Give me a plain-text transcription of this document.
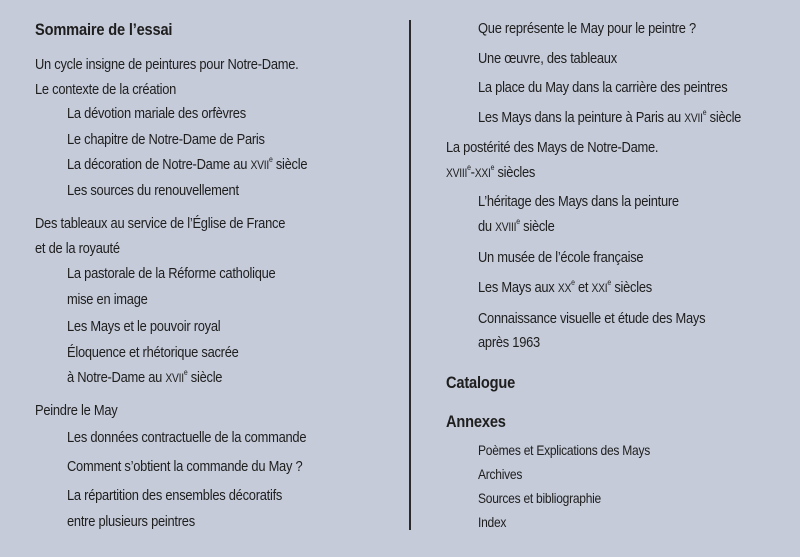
Sommaire de l’essai
Un cycle insigne de peintures pour Notre-Dame.
Le contexte de la création
La dévotion mariale des orfèvres
Le chapitre de Notre-Dame de Paris
La décoration de Notre-Dame au XVIIe siècle
Les sources du renouvellement
Des tableaux au service de l’Église de France
et de la royauté
La pastorale de la Réforme catholique
mise en image
Les Mays et le pouvoir royal
Éloquence et rhétorique sacrée
à Notre-Dame au XVIIe siècle
Peindre le May
Les données contractuelle de la commande
Comment s’obtient la commande du May ?
La répartition des ensembles décoratifs
entre plusieurs peintres
Que représente le May pour le peintre ?
Une œuvre, des tableaux
La place du May dans la carrière des peintres
Les Mays dans la peinture à Paris au XVIIe siècle
La postérité des Mays de Notre-Dame.
XVIIIe-XXIe siècles
L’héritage des Mays dans la peinture
du XVIIIe siècle
Un musée de l’école française
Les Mays aux XXe et XXIe siècles
Connaissance visuelle et étude des Mays
après 1963
Catalogue
Annexes
Poèmes et Explications des Mays
Archives
Sources et bibliographie
Index
